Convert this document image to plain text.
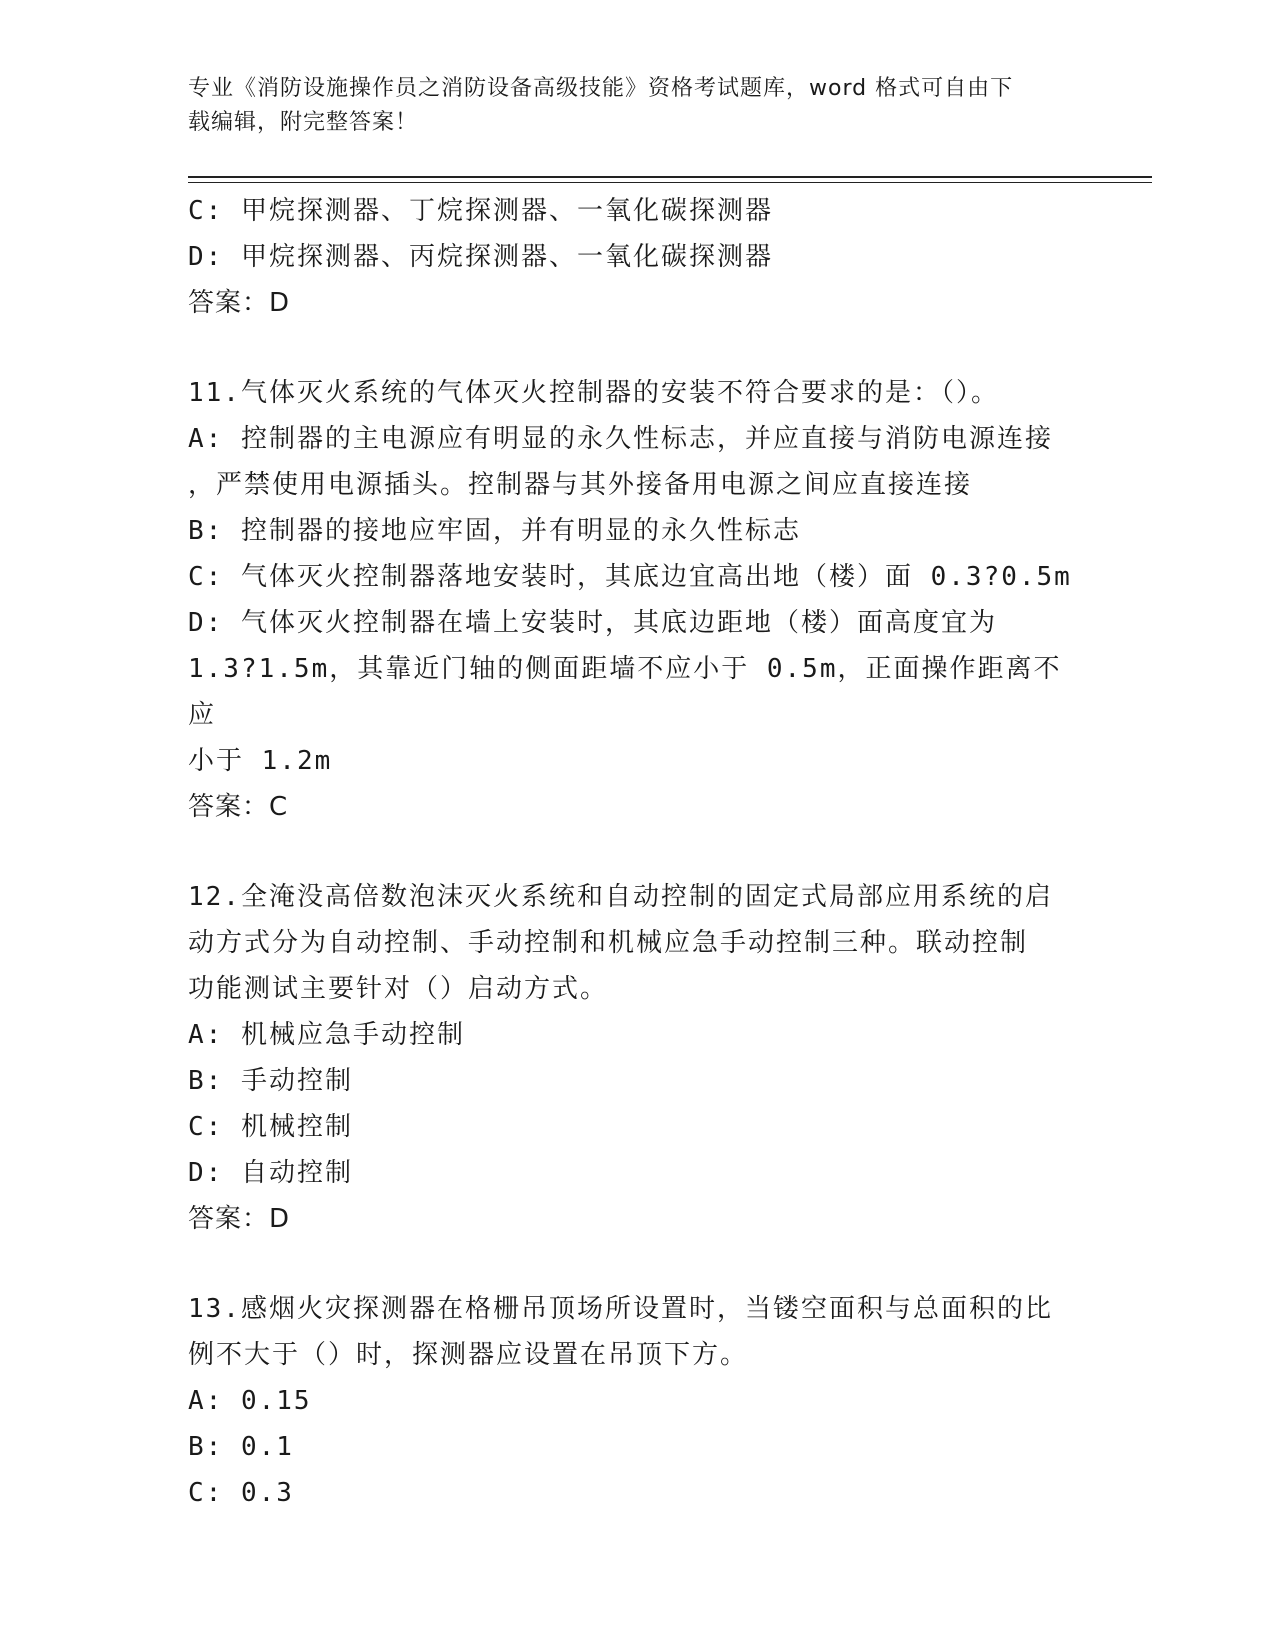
专业《消防设施操作员之消防设备高级技能》资格考试题库，word 格式可自由下
载编辑，附完整答案！

C: 甲烷探测器、丁烷探测器、一氧化碳探测器

D: 甲烷探测器、丙烷探测器、一氧化碳探测器

答案：D

11.气体灭火系统的气体灭火控制器的安装不符合要求的是：（）。

A: 控制器的主电源应有明显的永久性标志，并应直接与消防电源连接

，严禁使用电源插头。控制器与其外接备用电源之间应直接连接

B: 控制器的接地应牢固，并有明显的永久性标志

C: 气体灭火控制器落地安装时，其底边宜高出地（楼）面 0.3?0.5m

D: 气体灭火控制器在墙上安装时，其底边距地（楼）面高度宜为

1.3?1.5m，其靠近门轴的侧面距墙不应小于 0.5m，正面操作距离不应

小于 1.2m

答案：C

12.全淹没高倍数泡沫灭火系统和自动控制的固定式局部应用系统的启

动方式分为自动控制、手动控制和机械应急手动控制三种。联动控制

功能测试主要针对（）启动方式。

A: 机械应急手动控制

B: 手动控制

C: 机械控制

D: 自动控制

答案：D

13.感烟火灾探测器在格栅吊顶场所设置时，当镂空面积与总面积的比

例不大于（）时，探测器应设置在吊顶下方。

A: 0.15

B: 0.1

C: 0.3
